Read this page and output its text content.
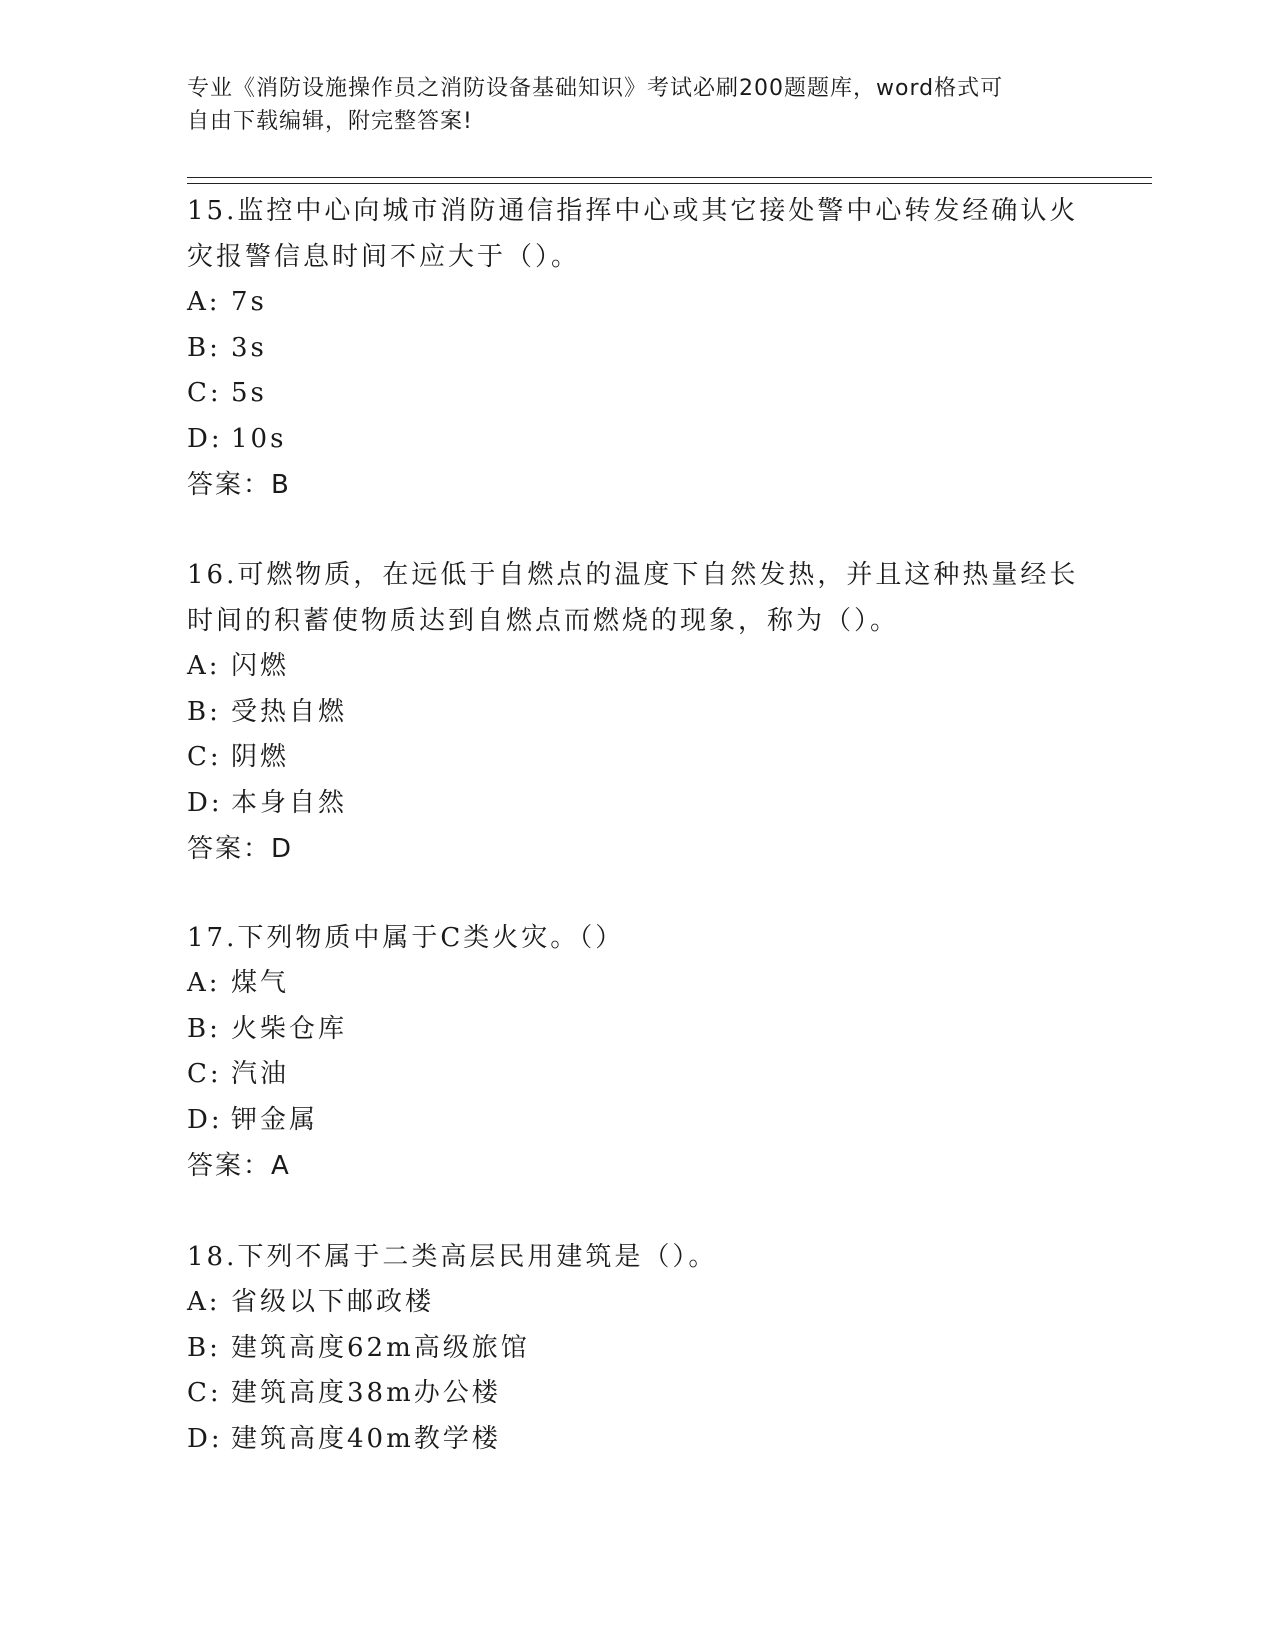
专业《消防设施操作员之消防设备基础知识》考试必刷200题题库，word格式可
自由下载编辑，附完整答案!
15.监控中心向城市消防通信指挥中心或其它接处警中心转发经确认火
灾报警信息时间不应大于（）。
A: 7s
B: 3s
C: 5s
D: 10s
答案：B
16.可燃物质，在远低于自燃点的温度下自然发热，并且这种热量经长
时间的积蓄使物质达到自燃点而燃烧的现象，称为（）。
A: 闪燃
B: 受热自燃
C: 阴燃
D: 本身自然
答案：D
17.下列物质中属于C类火灾。（）
A: 煤气
B: 火柴仓库
C: 汽油
D: 钾金属
答案：A
18.下列不属于二类高层民用建筑是（）。
A: 省级以下邮政楼
B: 建筑高度62m高级旅馆
C: 建筑高度38m办公楼
D: 建筑高度40m教学楼
